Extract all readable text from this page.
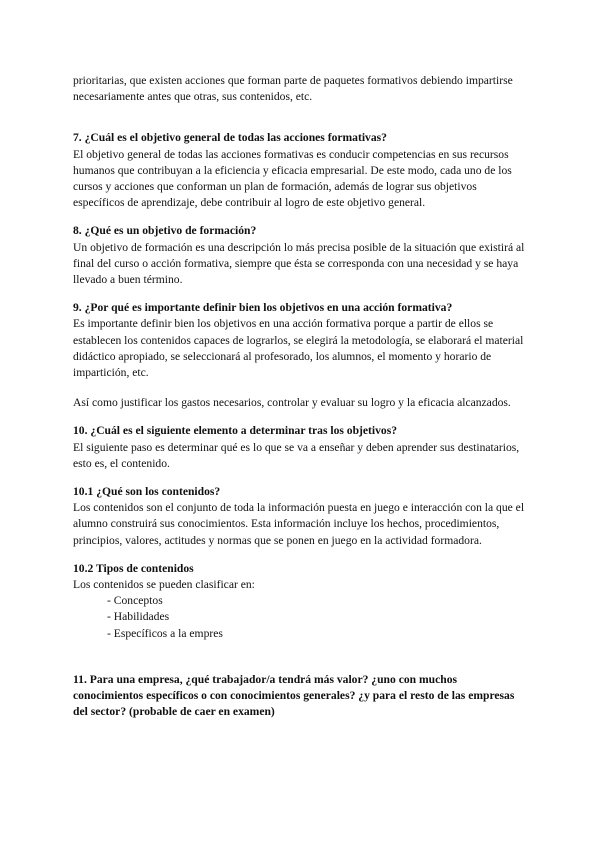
prioritarias, que existen acciones que forman parte de paquetes formativos debiendo impartirse necesariamente antes que otras, sus contenidos, etc.

7. ¿Cuál es el objetivo general de todas las acciones formativas?

El objetivo general de todas las acciones formativas es conducir competencias en sus recursos humanos que contribuyan a la eficiencia y eficacia empresarial. De este modo, cada uno de los cursos y acciones que conforman un plan de formación, además de lograr sus objetivos específicos de aprendizaje, debe contribuir al logro de este objetivo general.

8. ¿Qué es un objetivo de formación?

Un objetivo de formación es una descripción lo más precisa posible de la situación que existirá al final del curso o acción formativa, siempre que ésta se corresponda con una necesidad y se haya llevado a buen término.

9. ¿Por qué es importante definir bien los objetivos en una acción formativa?

Es importante definir bien los objetivos en una acción formativa porque a partir de ellos se establecen los contenidos capaces de lograrlos, se elegirá la metodología, se elaborará el material didáctico apropiado, se seleccionará al profesorado, los alumnos, el momento y horario de impartición, etc.

Así como justificar los gastos necesarios, controlar y evaluar su logro y la eficacia alcanzados.

10. ¿Cuál es el siguiente elemento a determinar tras los objetivos?

El siguiente paso es determinar qué es lo que se va a enseñar y deben aprender sus destinatarios, esto es, el contenido.

10.1 ¿Qué son los contenidos?

Los contenidos son el conjunto de toda la información puesta en juego e interacción con la que el alumno construirá sus conocimientos. Esta información incluye los hechos, procedimientos, principios, valores, actitudes y normas que se ponen en juego en la actividad formadora.

10.2 Tipos de contenidos

Los contenidos se pueden clasificar en:

- Conceptos
- Habilidades
- Específicos a la empres

11. Para una empresa, ¿qué trabajador/a tendrá más valor? ¿uno con muchos conocimientos específicos o con conocimientos generales? ¿y para el resto de las empresas del sector? (probable de caer en examen)
